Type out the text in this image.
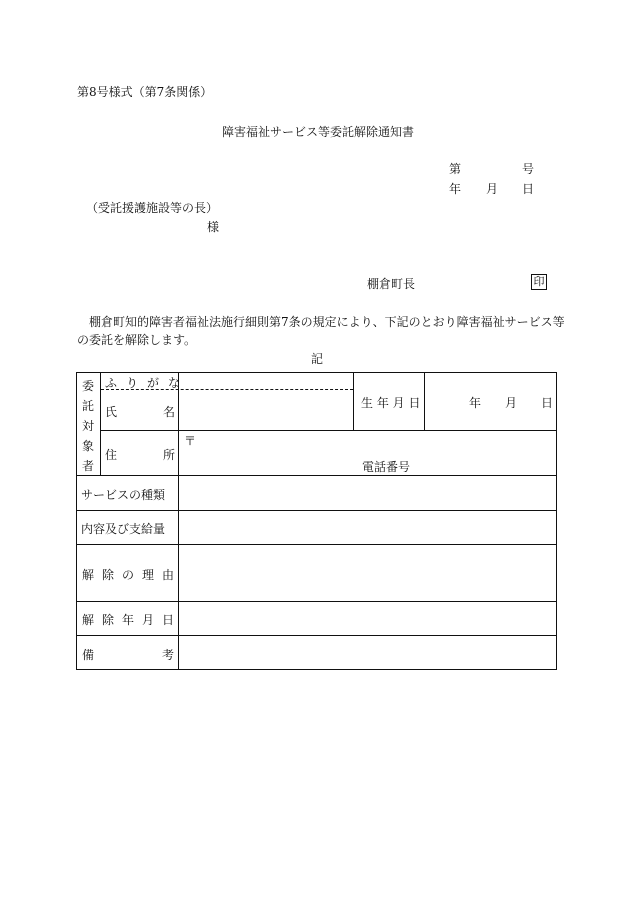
第8号様式（第7条関係）
障害福祉サービス等委託解除通知書
第	号
年 月 日
（受託援護施設等の長）
様
棚倉町長	印
棚倉町知的障害者福祉法施行細則第7条の規定により、下記のとおり障害福祉サービス等
の委託を解除します。
記
委
託
対
象
者
ふ り が な
氏	名
生 年 月 日	年 月 日
住	所
〒
電話番号
サービスの種類
内容及び支給量
解 除 の 理 由
解 除 年 月 日
備	考
